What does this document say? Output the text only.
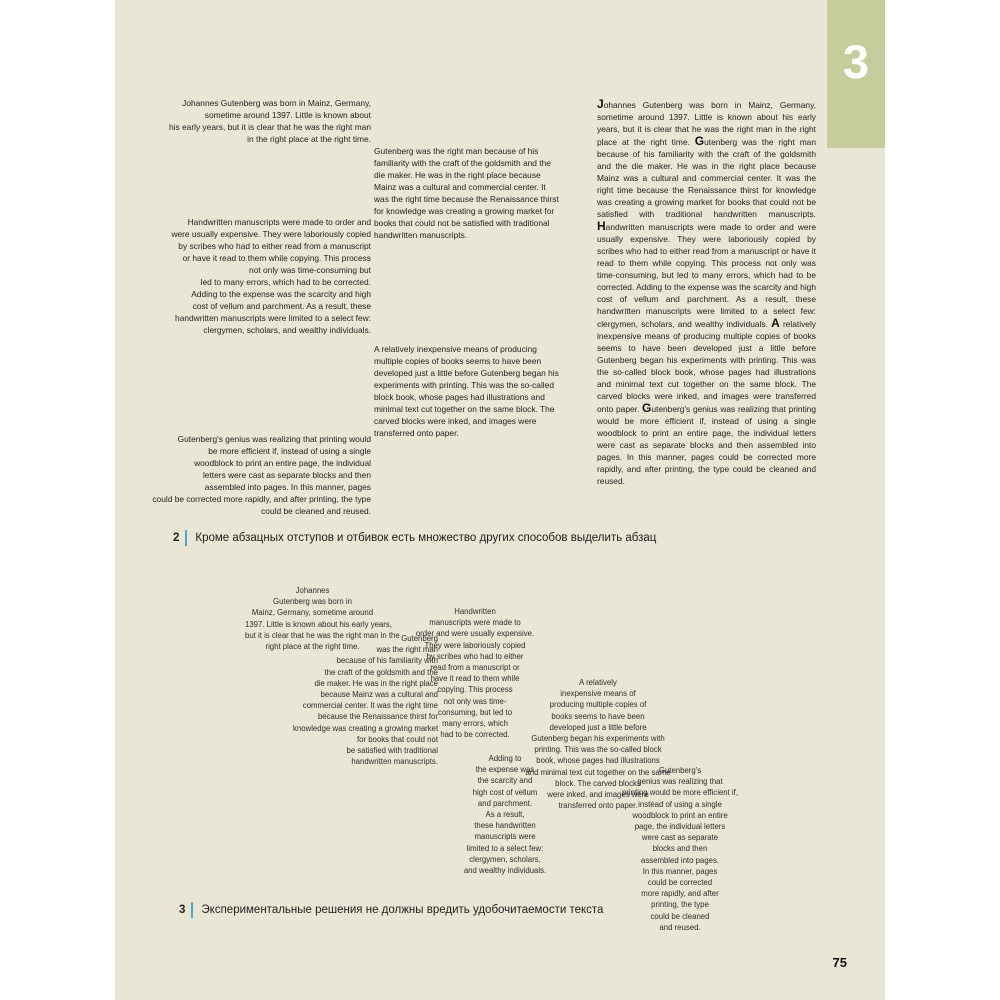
3

Johannes Gutenberg was born in Mainz, Germany,

sometime around 1397. Little is known about

his early years, but it is clear that he was the right man

in the right place at the right time.

Gutenberg was the right man because of his

familiarity with the craft of the goldsmith and the

die maker. He was in the right place because

Mainz was a cultural and commercial center. It

was the right time because the Renaissance thirst

for knowledge was creating a growing market for

books that could not be satisfied with traditional

handwritten manuscripts.

Handwritten manuscripts were made to order and

were usually expensive. They were laboriously copied

by scribes who had to either read from a manuscript

or have it read to them while copying. This process

not only was time-consuming but

led to many errors, which had to be corrected.

Adding to the expense was the scarcity and high

cost of vellum and parchment. As a result, these

handwritten manuscripts were limited to a select few:

clergymen, scholars, and wealthy individuals.

A relatively inexpensive means of producing

multiple copies of books seems to have been

developed just a little before Gutenberg began his

experiments with printing. This was the so-called

block book, whose pages had illustrations and

minimal text cut together on the same block. The

carved blocks were inked, and images were

transferred onto paper.

Gutenberg's genius was realizing that printing would

be more efficient if, instead of using a single

woodblock to print an entire page, the individual

letters were cast as separate blocks and then

assembled into pages. In this manner, pages

could be corrected more rapidly, and after printing, the type

could be cleaned and reused.

Johannes Gutenberg was born in Mainz, Germany, sometime around 1397. Little is known about his early years, but it is clear that he was the right man in the right place at the right time. Gutenberg was the right man because of his familiarity with the craft of the goldsmith and the die maker. He was in the right place because Mainz was a cultural and commercial center. It was the right time because the Renaissance thirst for knowledge was creating a growing market for books that could not be satisfied with traditional handwritten manuscripts. Handwritten manuscripts were made to order and were usually expensive. They were laboriously copied by scribes who had to either read from a manuscript or have it read to them while copying. This process not only was time-consuming, but led to many errors, which had to be corrected. Adding to the expense was the scarcity and high cost of vellum and parchment. As a result, these handwritten manuscripts were limited to a select few: clergymen, scholars, and wealthy individuals. A relatively inexpensive means of producing multiple copies of books seems to have been developed just a little before Gutenberg began his experiments with printing. This was the so-called block book, whose pages had illustrations and minimal text cut together on the same block. The carved blocks were inked, and images were transferred onto paper. Gutenberg's genius was realizing that printing would be more efficient if, instead of using a single woodblock to print an entire page, the individual letters were cast as separate blocks and then assembled into pages. In this manner, pages could be corrected more rapidly, and after printing, the type could be cleaned and reused.
2 Кроме абзацных отступов и отбивок есть множество других способов выделить абзац
Johannes
Gutenberg was born in
Mainz, Germany, sometime around
1397. Little is known about his early years,
but it is clear that he was the right man in the
right place at the right time.
Gutenberg
was the right man
because of his familiarity with
the craft of the goldsmith and the
die maker. He was in the right place
because Mainz was a cultural and
commercial center. It was the right time
because the Renaissance thirst for
knowledge was creating a growing market
for books that could not
be satisfied with traditional
handwritten manuscripts.
Handwritten
manuscripts were made to
order and were usually expensive.
They were laboriously copied
by scribes who had to either
read from a manuscript or
have it read to them while
copying. This process
not only was time-
consuming, but led to
many errors, which
had to be corrected.
Adding to
the expense was
the scarcity and
high cost of vellum
and parchment.
As a result,
these handwritten
manuscripts were
limited to a select few:
clergymen, scholars,
and wealthy individuals.
A relatively
inexpensive means of
producing multiple copies of
books seems to have been
developed just a little before
Gutenberg began his experiments with
printing. This was the so-called block
book, whose pages had illustrations
and minimal text cut together on the same
block. The carved blocks
were inked, and images were
transferred onto paper.
Gutenberg's
genius was realizing that
printing would be more efficient if,
instead of using a single
woodblock to print an entire
page, the individual letters
were cast as separate
blocks and then
assembled into pages.
In this manner, pages
could be corrected
more rapidly, and after
printing, the type
could be cleaned
and reused.
3 Экспериментальные решения не должны вредить удобочитаемости текста
75
